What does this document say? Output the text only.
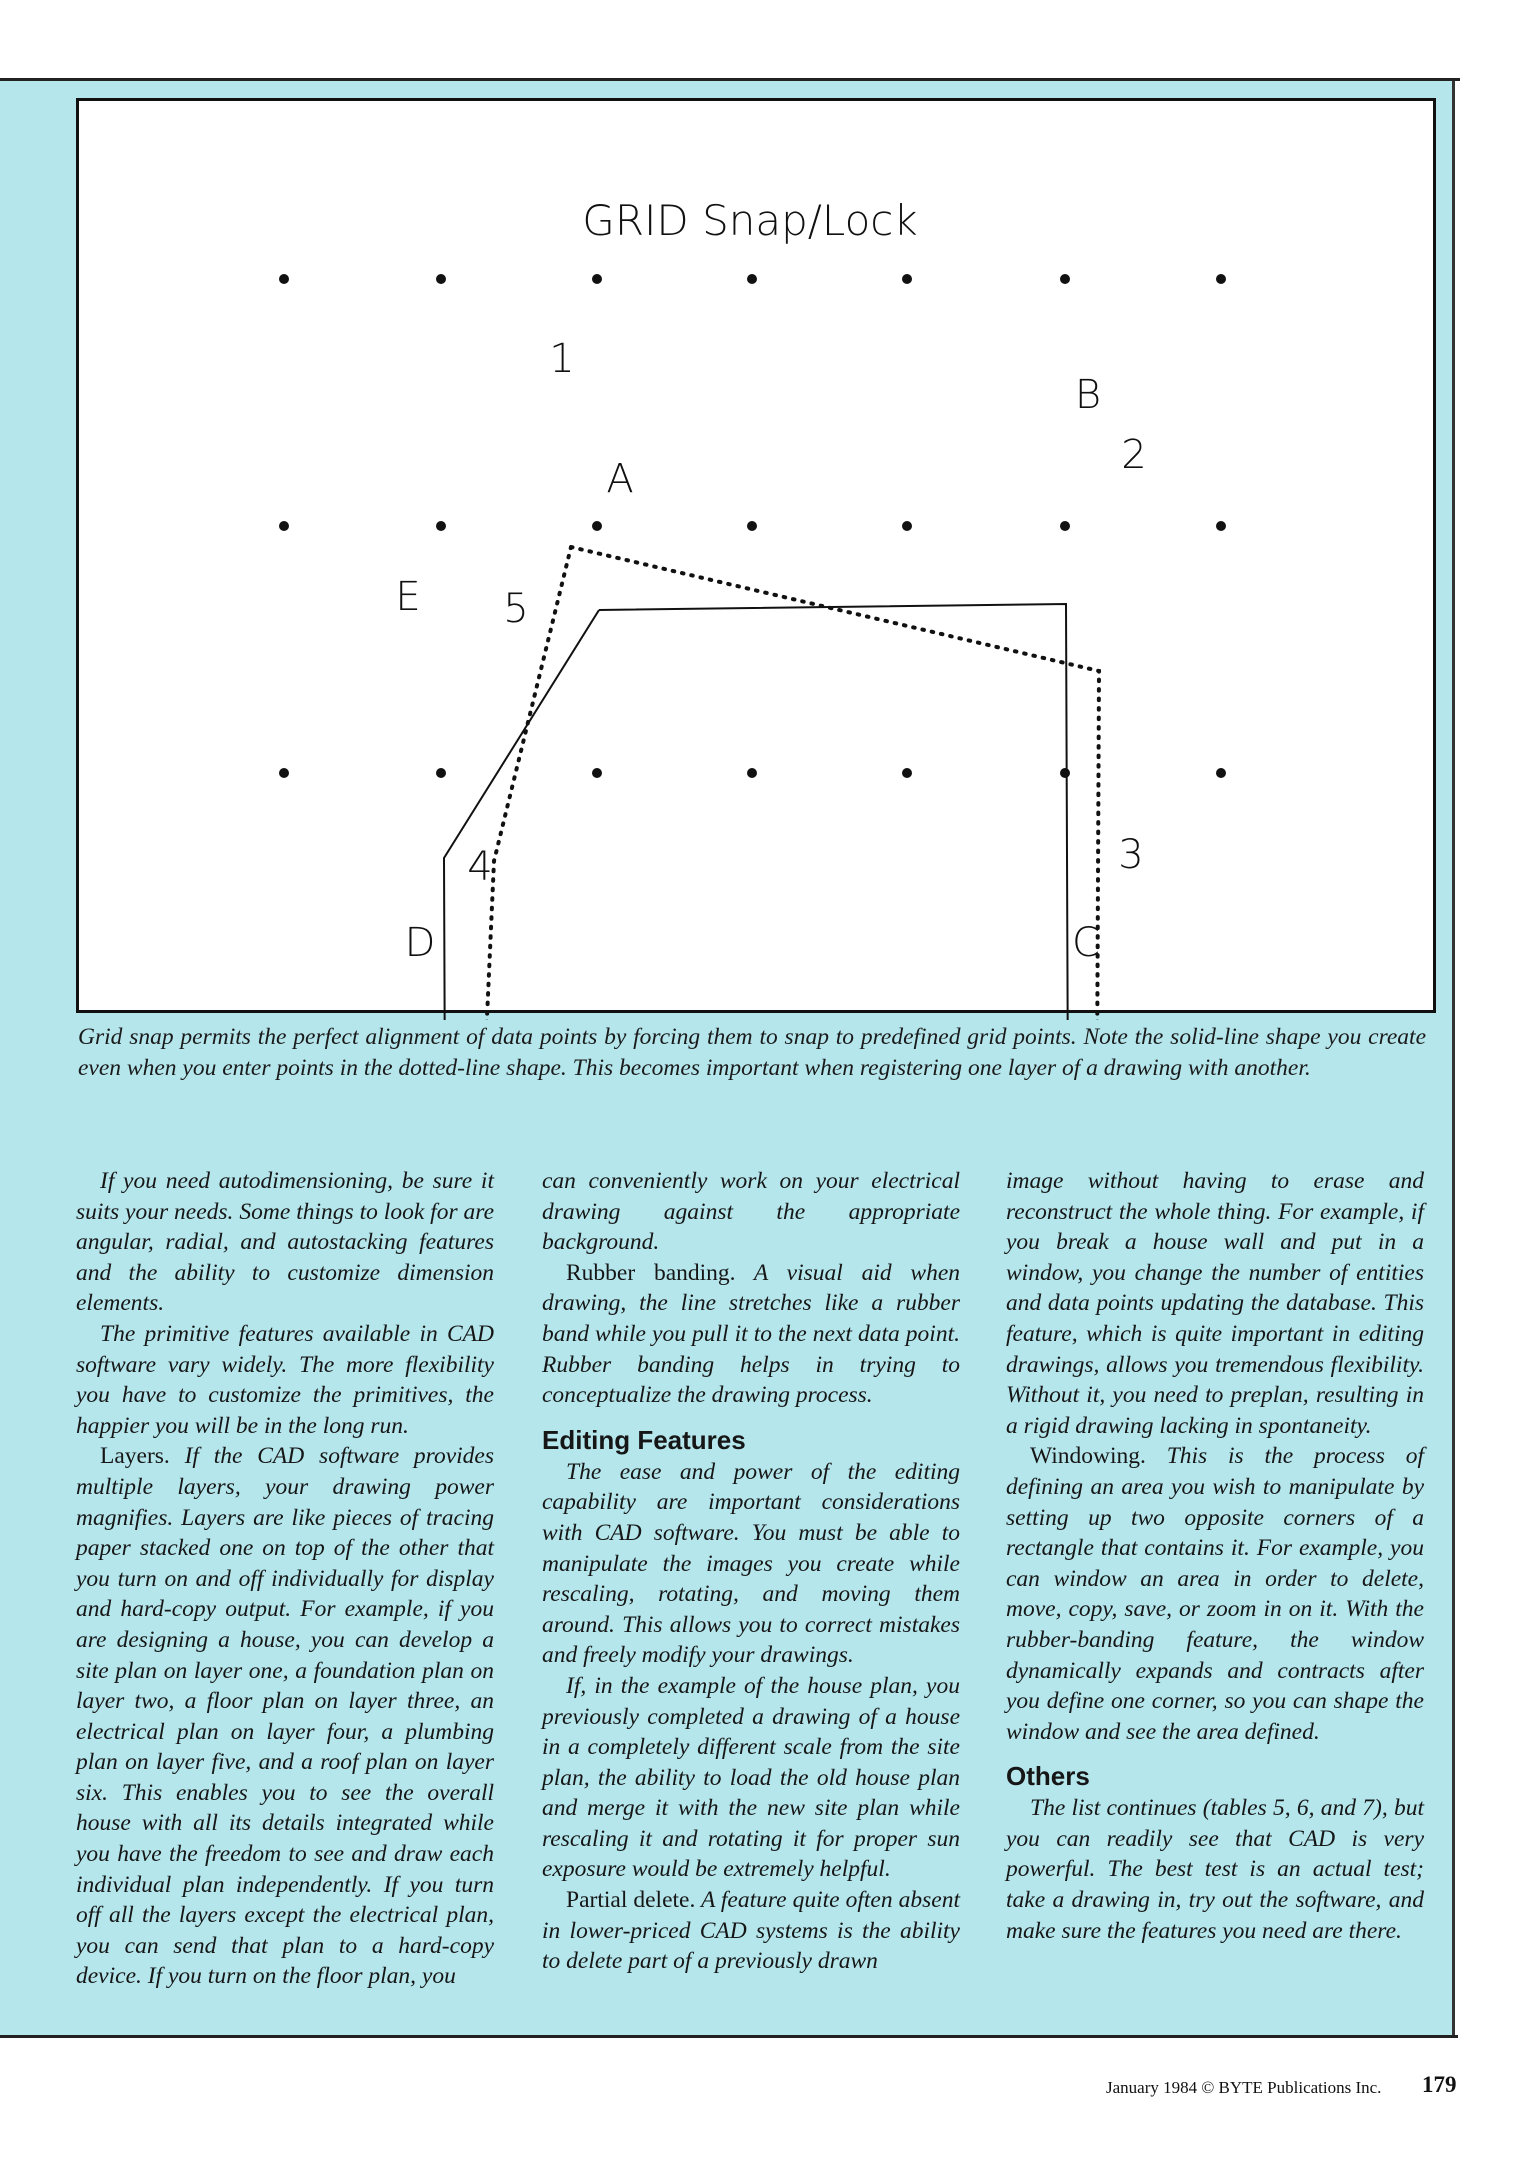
GRID Snap/Lock
1
B
2
A
E 5
4	3
D	C
Grid snap permits the perfect alignment of data points by forcing them to snap to predefined grid points. Note the solid-line shape you create even when you enter points in the dotted-line shape. This becomes important when registering one layer of a drawing with another.

If you need autodimensioning, be sure it suits your needs. Some things to look for are angular, radial, and autostacking features and the ability to customize dimension elements.

The primitive features available in CAD software vary widely. The more flexibility you have to customize the primitives, the happier you will be in the long run.

Layers. If the CAD software provides multiple layers, your drawing power magnifies. Layers are like pieces of tracing paper stacked one on top of the other that you turn on and off individually for display and hard-copy output. For example, if you are designing a house, you can develop a site plan on layer one, a foundation plan on layer two, a floor plan on layer three, an electrical plan on layer four, a plumbing plan on layer five, and a roof plan on layer six. This enables you to see the overall house with all its details integrated while you have the freedom to see and draw each individual plan independently. If you turn off all the layers except the electrical plan, you can send that plan to a hard-copy device. If you turn on the floor plan, you

can conveniently work on your electrical drawing against the appropriate background.

Rubber banding. A visual aid when drawing, the line stretches like a rubber band while you pull it to the next data point. Rubber banding helps in trying to conceptualize the drawing process.

Editing Features

The ease and power of the editing capability are important considerations with CAD software. You must be able to manipulate the images you create while rescaling, rotating, and moving them around. This allows you to correct mistakes and freely modify your drawings.

If, in the example of the house plan, you previously completed a drawing of a house in a completely different scale from the site plan, the ability to load the old house plan and merge it with the new site plan while rescaling it and rotating it for proper sun exposure would be extremely helpful.

Partial delete. A feature quite often absent in lower-priced CAD systems is the ability to delete part of a previously drawn

image without having to erase and reconstruct the whole thing. For example, if you break a house wall and put in a window, you change the number of entities and data points updating the database. This feature, which is quite important in editing drawings, allows you tremendous flexibility. Without it, you need to preplan, resulting in a rigid drawing lacking in spontaneity.

Windowing. This is the process of defining an area you wish to manipulate by setting up two opposite corners of a rectangle that contains it. For example, you can window an area in order to delete, move, copy, save, or zoom in on it. With the rubber-banding feature, the window dynamically expands and contracts after you define one corner, so you can shape the window and see the area defined.

Others

The list continues (tables 5, 6, and 7), but you can readily see that CAD is very powerful. The best test is an actual test; take a drawing in, try out the software, and make sure the features you need are there.

January 1984 © BYTE Publications Inc. 179
